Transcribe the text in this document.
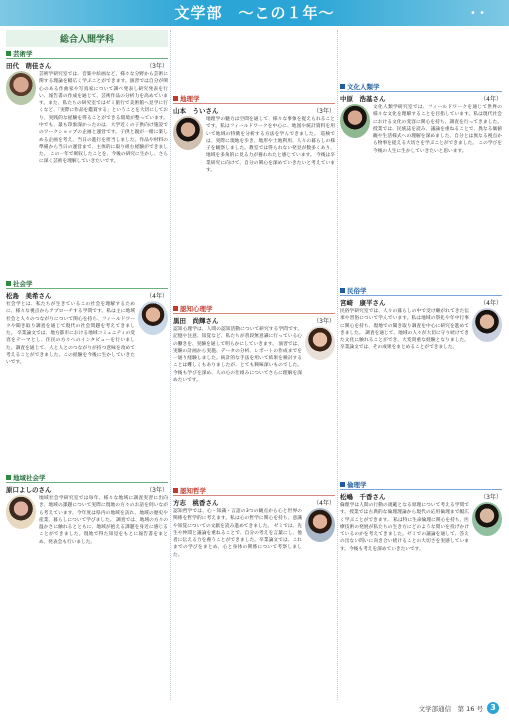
文学部　〜この１年〜	• •
総合人間学科
芸術学
田代　萌佳さん	（3年）
芸術学研究室では、音楽や絵画など、様々な分野から芸術に関する理論を幅広く学ぶことができます。演習では自分が関心のある作曲家や写真家について調べ発表し研究発表を行い、報告書の作成を通じて、芸術作品の分析力を高めています。また、私たちの研究室ではゼミ旅行で美術館へ見学に行くなど、「実際に作品を鑑賞する」ということを大切にしており、実践的な経験を得ることができる環境が整っています。 中でも、最も印象深かったのは、大学近くの子供向け施設でのワークショップの企画と運営です。子供と親が一緒に楽しめる企画を考え、当日の進行を担当しました。作品や材料の準備から当日の運営まで、主体的に取り組む経験ができました。 この一年で吸収したことを、今後の研究に生かし、さらに深く芸術を理解していきたいです。
社会学
松島　美希さん	（4年）
社会学とは、私たちが生きているこの社会を理解するために、様々な視点からアプローチする学問です。私は主に地域社会と人々のつながりについて関心を持ち、フィールドワークや聞き取り調査を通じて現代の社会問題を考えてきました。 卒業論文では、地方都市における地域コミュニティの変容をテーマとし、住民の方々へのインタビューを行いました。調査を通じて、人と人とのつながりが持つ意味を改めて考えることができました。この経験を今後に生かしていきたいです。
地域社会学
原口よしのさん	（3年）
地域社会学研究室では毎年、様々な地域に調査実習に出向き、地域の課題について実際に現地の方々のお話を伺いながら考えています。今年度は県内の地域を訪れ、地域の歴史や産業、暮らしについて学びました。 調査では、地域の方々の温かさに触れるとともに、地域が抱える課題を身近に感じることができました。現地で得た知見をもとに報告書をまとめ、発表会も行いました。
地理学
山本　ういさん	（3年）
地理学の魅力は空間を通して、様々な事象を捉えられることです。私はフィールドワークを中心に、地図や統計資料を用いて地域の特徴を分析する方法を学んできました。 巡検では、実際に現地を歩き、地形や土地利用、人々の暮らしの様子を観察しました。教室では得られない発見が数多くあり、地域を多角的に見る力が養われたと感じています。 今後は卒業研究に向けて、自分の関心を深めていきたいと考えています。
認知心理学
黒田　尚輝さん	（3年）
認知心理学は、人間の認知活動について研究する学問です。記憶や注意、知覚など、私たちが普段無意識に行っている心の働きを、実験を通して明らかにしていきます。 演習では、実験の計画から実施、データの分析、レポートの作成までを一通り経験しました。統計的な手法を用いて結果を検討することは難しくもありましたが、とても興味深いものでした。 今後も学びを深め、人の心の仕組みについてさらに理解を深めたいです。
認知哲学
方志　桃香さん	（4年）
認知哲学では、心・知識・言語の3つの観点から心と世界の関係を哲学的に考えます。私は心の哲学に関心を持ち、意識や知覚についての文献を読み進めてきました。 ゼミでは、先生や仲間と議論を重ねることで、自分の考えを言葉にし、他者に伝える力を養うことができました。卒業論文では、これまでの学びをまとめ、心と身体の関係について考察しました。
文化人類学
中原　浩基さん	（4年）
文化人類学研究室では、フィールドワークを通じて世界の様々な文化を理解することを目指しています。私は現代社会における文化の変容に関心を持ち、調査を行ってきました。 授業では、民族誌を読み、議論を重ねることで、異なる価値観や生活様式への理解を深めました。自分とは異なる視点から物事を捉える大切さを学ぶことができました。 この学びを今後の人生に生かしていきたいと思います。
民俗学
宮崎　康平さん	（4年）
民俗学研究室では、人々の暮らしの中で受け継がれてきた伝承や習俗について学んでいます。私は地域の祭礼や年中行事に関心を持ち、現地での聞き取り調査を中心に研究を進めてきました。 調査を通じて、地域の人々が大切に守り続けてきた文化に触れることができ、大変貴重な経験となりました。卒業論文では、その成果をまとめることができました。
倫理学
松嶋　千香さん	（3年）
倫理学は人間の行動の規範となる原理について考える学問です。授業では古典的な倫理理論から現代の応用倫理まで幅広く学ぶことができます。 私は特に生命倫理に関心を持ち、医療技術の発展が私たちの生き方にどのような問いを投げかけているのかを考えてきました。ゼミでの議論を通して、答えの出ない問いに向き合い続けることの大切さを実感しています。今後も考えを深めていきたいです。
文学部通信　第 16 号 3
